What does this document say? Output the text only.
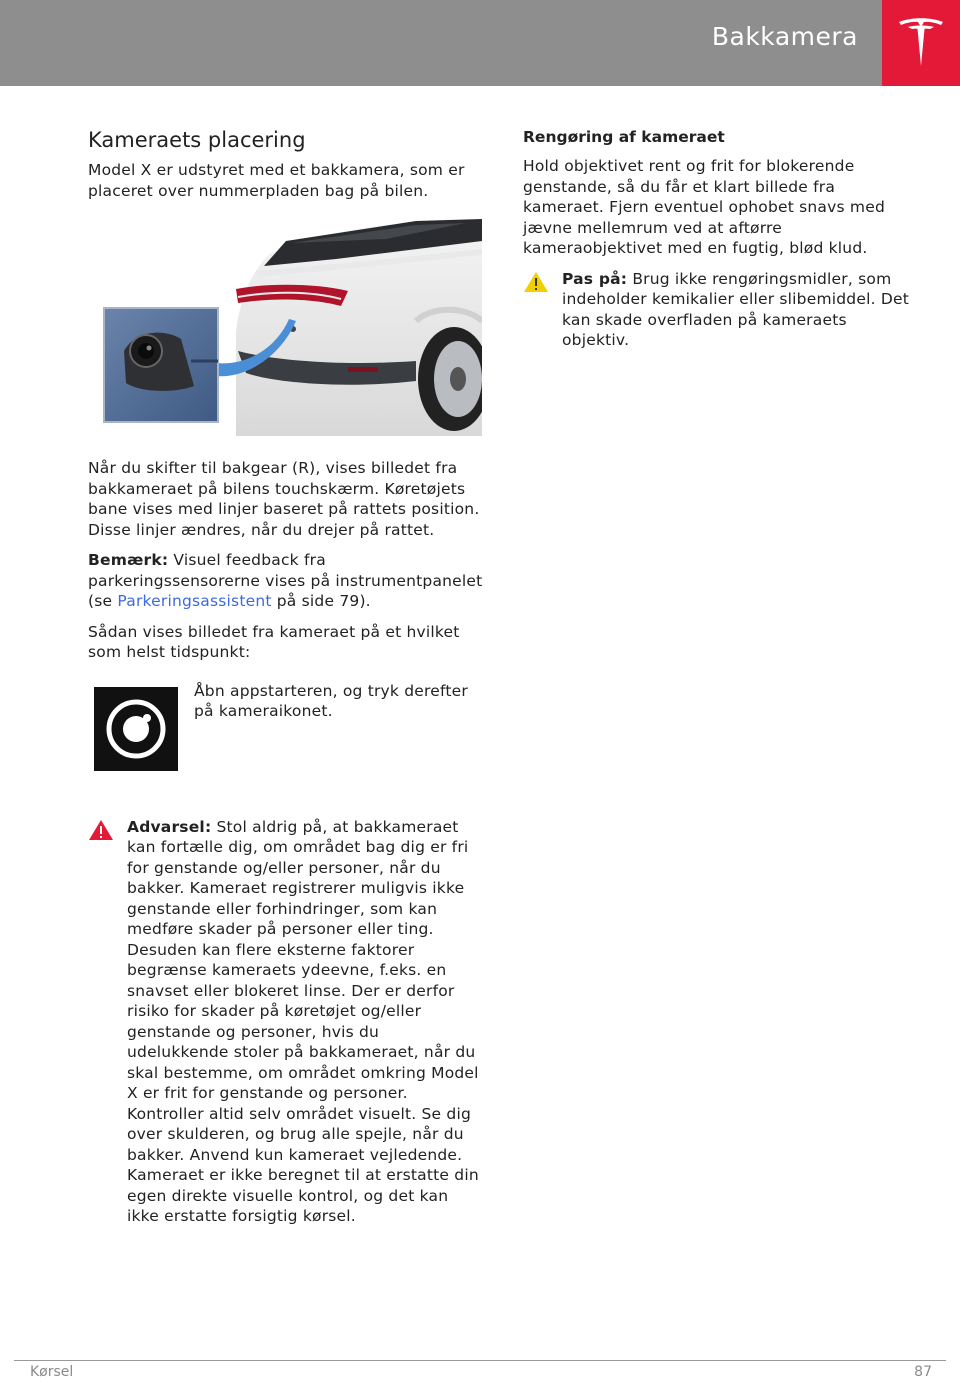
Bakkamera
Kameraets placering

Model X er udstyret med et bakkamera, som er placeret over nummerpladen bag på bilen.

Når du skifter til bakgear (R), vises billedet fra bakkameraet på bilens touchskærm. Køretøjets bane vises med linjer baseret på rattets position. Disse linjer ændres, når du drejer på rattet.

Bemærk: Visuel feedback fra parkeringssensorerne vises på instrumentpanelet (se Parkeringsassistent på side 79).

Sådan vises billedet fra kameraet på et hvilket som helst tidspunkt:

Åbn appstarteren, og tryk derefter på kameraikonet.

Advarsel: Stol aldrig på, at bakkameraet kan fortælle dig, om området bag dig er fri for genstande og/eller personer, når du bakker. Kameraet registrerer muligvis ikke genstande eller forhindringer, som kan medføre skader på personer eller ting. Desuden kan flere eksterne faktorer begrænse kameraets ydeevne, f.eks. en snavset eller blokeret linse. Der er derfor risiko for skader på køretøjet og/eller genstande og personer, hvis du udelukkende stoler på bakkameraet, når du skal bestemme, om området omkring Model X er frit for genstande og personer. Kontroller altid selv området visuelt. Se dig over skulderen, og brug alle spejle, når du bakker. Anvend kun kameraet vejledende. Kameraet er ikke beregnet til at erstatte din egen direkte visuelle kontrol, og det kan ikke erstatte forsigtig kørsel.

Rengøring af kameraet

Hold objektivet rent og frit for blokerende genstande, så du får et klart billede fra kameraet. Fjern eventuel ophobet snavs med jævne mellemrum ved at aftørre kameraobjektivet med en fugtig, blød klud.

Pas på: Brug ikke rengøringsmidler, som indeholder kemikalier eller slibemiddel. Det kan skade overfladen på kameraets objektiv.

Kørsel	87
